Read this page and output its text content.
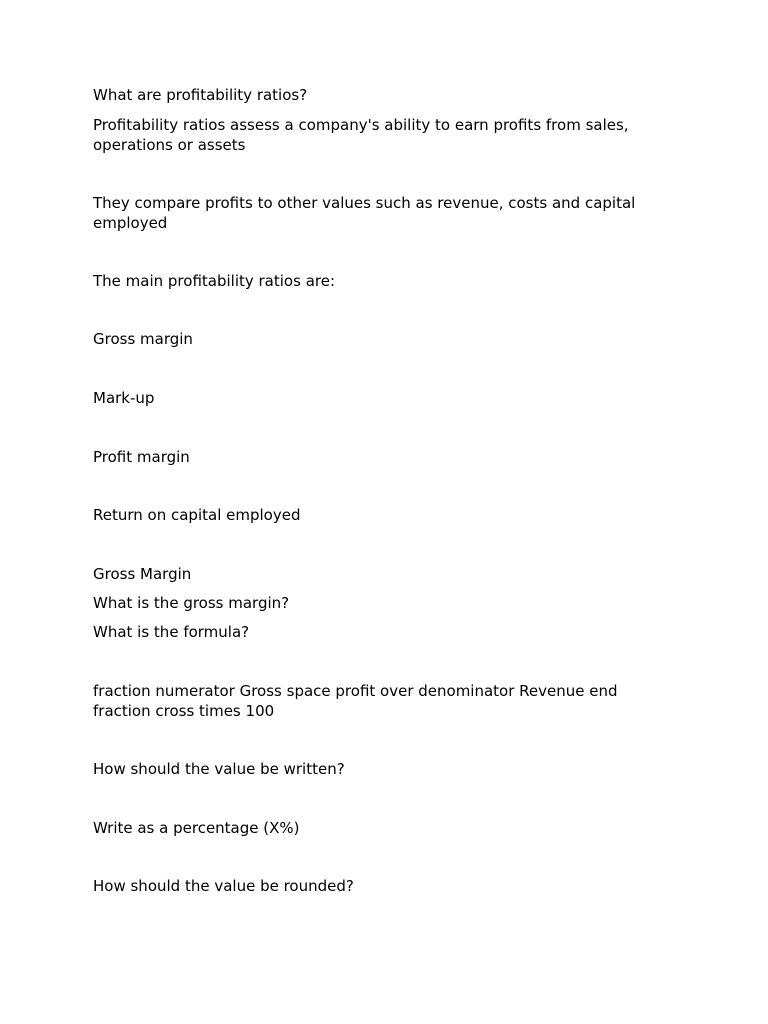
What are profitability ratios?

Profitability ratios assess a company's ability to earn profits from sales, operations or assets

They compare profits to other values such as revenue, costs and capital employed

The main profitability ratios are:

Gross margin

Mark-up

Profit margin

Return on capital employed

Gross Margin

What is the gross margin?

What is the formula?

fraction numerator Gross space profit over denominator Revenue end fraction cross times 100

How should the value be written?

Write as a percentage (X%)

How should the value be rounded?
